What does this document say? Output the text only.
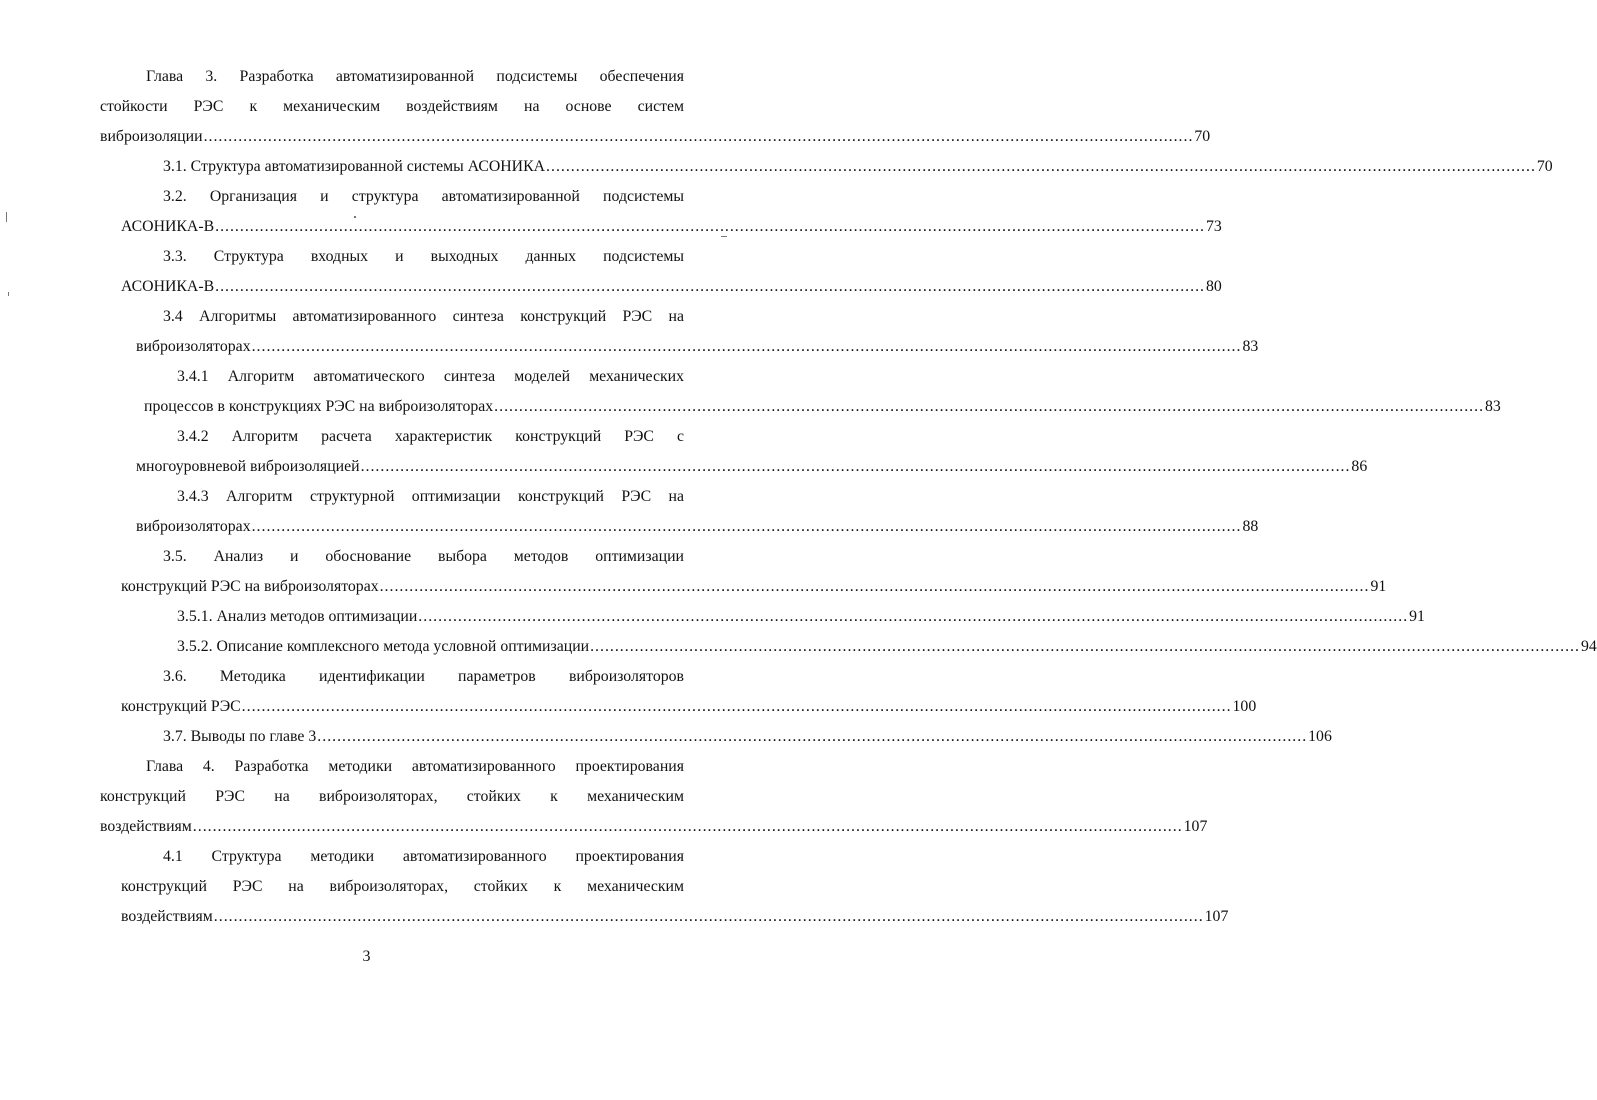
Глава 3. Разработка автоматизированной подсистемы обеспечения
стойкости РЭС к механическим воздействиям на основе систем
виброизоляции ........................................................................................................................................................................................................ 70
3.1. Структура автоматизированной системы АСОНИКА ........................................................................................................................................................................................................ 70
3.2. Организация и структура автоматизированной подсистемы
АСОНИКА-В ........................................................................................................................................................................................................ 73
3.3. Структура входных и выходных данных подсистемы
АСОНИКА-В ........................................................................................................................................................................................................ 80
3.4 Алгоритмы автоматизированного синтеза конструкций РЭС на
виброизоляторах ........................................................................................................................................................................................................ 83
3.4.1 Алгоритм автоматического синтеза моделей механических
процессов в конструкциях РЭС на виброизоляторах ........................................................................................................................................................................................................ 83
3.4.2 Алгоритм расчета характеристик конструкций РЭС с
многоуровневой виброизоляцией ........................................................................................................................................................................................................ 86
3.4.3 Алгоритм структурной оптимизации конструкций РЭС на
виброизоляторах ........................................................................................................................................................................................................ 88
3.5. Анализ и обоснование выбора методов оптимизации
конструкций РЭС на виброизоляторах ........................................................................................................................................................................................................ 91
3.5.1. Анализ методов оптимизации ........................................................................................................................................................................................................ 91
3.5.2. Описание комплексного метода условной оптимизации ........................................................................................................................................................................................................ 94
3.6. Методика идентификации параметров виброизоляторов
конструкций РЭС ........................................................................................................................................................................................................ 100
3.7. Выводы по главе 3 ........................................................................................................................................................................................................ 106
Глава 4. Разработка методики автоматизированного проектирования
конструкций РЭС на виброизоляторах, стойких к механическим
воздействиям ........................................................................................................................................................................................................ 107
4.1 Структура методики автоматизированного проектирования
конструкций РЭС на виброизоляторах, стойких к механическим
воздействиям ........................................................................................................................................................................................................ 107
3
